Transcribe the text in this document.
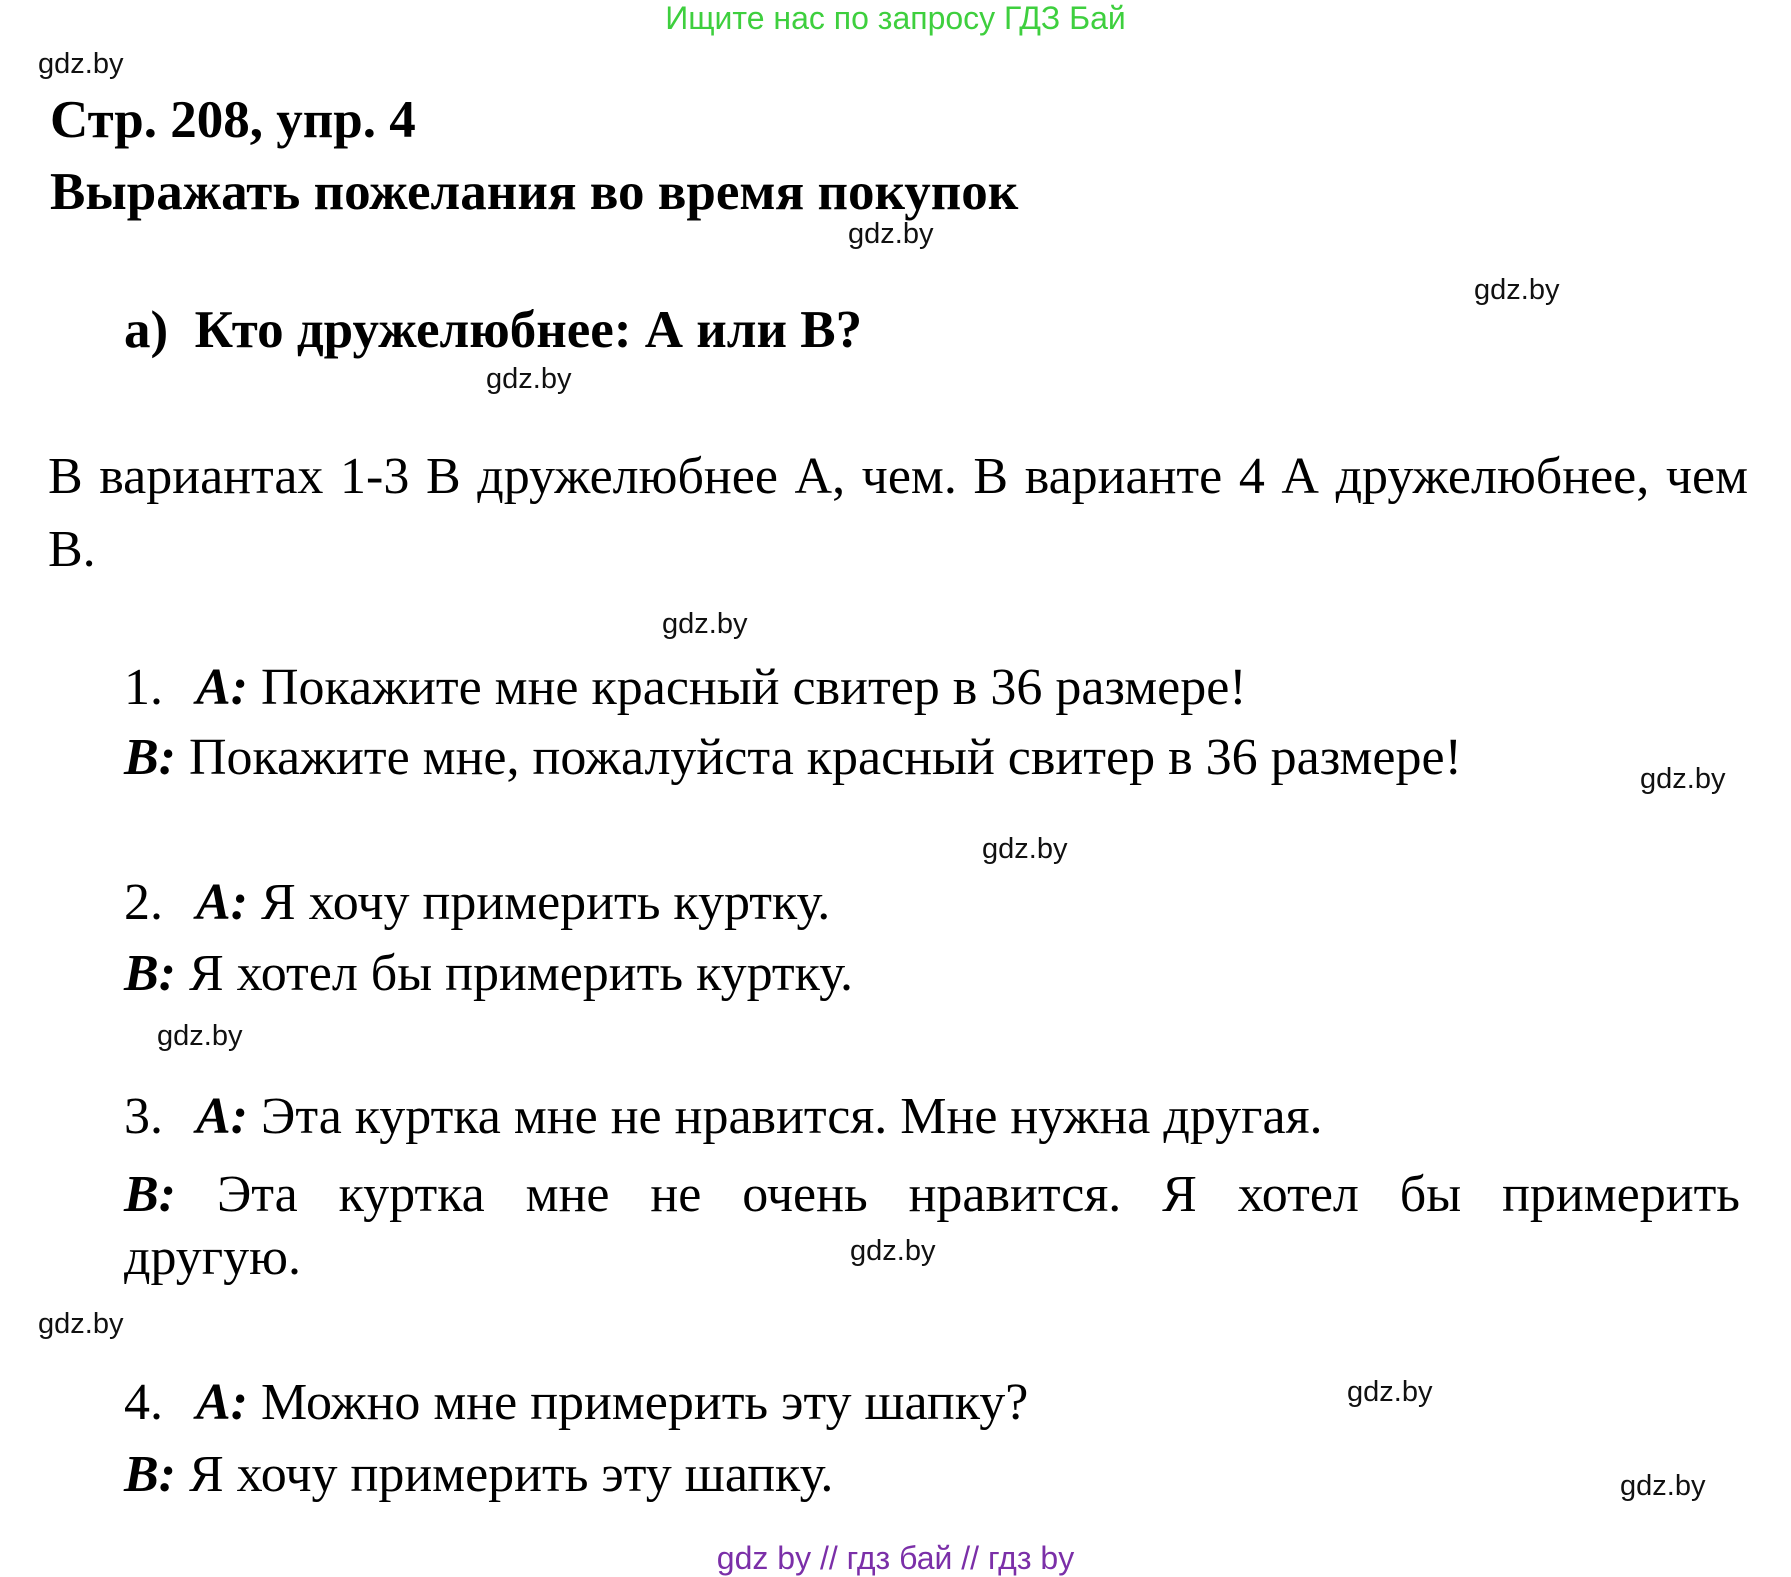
Ищите нас по запросу ГДЗ Бай
gdz.by
gdz.by
gdz.by
gdz.by
gdz.by
gdz.by
gdz.by
gdz.by
gdz.by
gdz.by
gdz.by
gdz.by
Стр. 208, упр. 4
Выражать пожелания во время покупок
а) Кто дружелюбнее: А или В?
В вариантах 1-3 В дружелюбнее А, чем. В варианте 4 А дружелюбнее, чем В.
1. A: Покажите мне красный свитер в 36 размере!
B: Покажите мне, пожалуйста красный свитер в 36 размере!
2. A: Я хочу примерить куртку.
B: Я хотел бы примерить куртку.
3. A: Эта куртка мне не нравится. Мне нужна другая.
B: Эта куртка мне не очень нравится. Я хотел бы примерить
другую.
4. A: Можно мне примерить эту шапку?
B: Я хочу примерить эту шапку.
gdz by // гдз бай // гдз by
